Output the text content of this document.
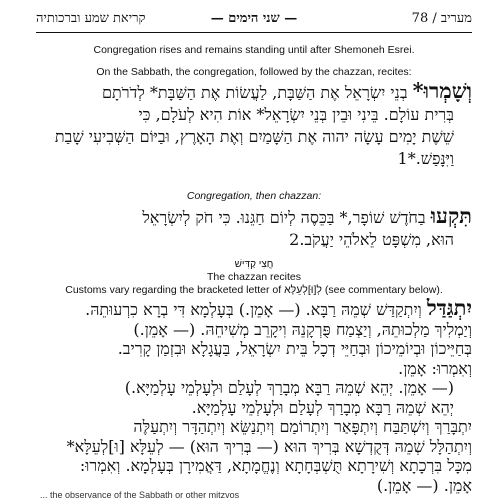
78 / מעריב
— שני הימים —
קריאת שמע וברכותיה
Congregation rises and remains standing until after Shemoneh Esrei.
On the Sabbath, the congregation, followed by the chazzan, recites:
וְשָׁמְרוּ* בְנֵי יִשְׂרָאֵל אֶת הַשַּׁבָּת, לַעֲשׂוֹת אֶת הַשַּׁבָּת* לְדֹרֹתָם
בְּרִית עוֹלָם. בֵּינִי וּבֵין בְּנֵי יִשְׂרָאֵל* אוֹת הִיא לְעֹלָם, כִּי
שֵׁשֶׁת יָמִים עָשָׂה יהוה אֶת הַשָּׁמַיִם וְאֶת הָאָרֶץ, וּבַיּוֹם הַשְּׁבִיעִי שָׁבַת
וַיִּנָּפַשׁ.*1
Congregation, then chazzan:
תִּקְעוּ בַחֹדֶשׁ שׁוֹפָר,* בַּכֵּסֶה לְיוֹם חַגֵּנוּ. כִּי חֹק לְיִשְׂרָאֵל
הוּא, מִשְׁפָּט לֵאלֹהֵי יַעֲקֹב.2
חֲצִי קַדִּישׁ
The chazzan recites
Customs vary regarding the bracketed letter of לְ[וּ]לְעֵלָּא (see commentary below).
יִתְגַּדַּל וְיִתְקַדַּשׁ שְׁמֵהּ רַבָּא. (— אָמֵן.) בְּעָלְמָא דִּי בְרָא כִרְעוּתֵהּ.
וְיַמְלִיךְ מַלְכוּתֵהּ, וְיַצְמַח פֻּרְקָנֵהּ וִיקָרֵב מְשִׁיחֵהּ. (— אָמֵן.)
בְּחַיֵּיכוֹן וּבְיוֹמֵיכוֹן וּבְחַיֵּי דְכָל בֵּית יִשְׂרָאֵל, בַּעֲגָלָא וּבִזְמַן קָרִיב.
וְאִמְרוּ: אָמֵן.
(— אָמֵן. יְהֵא שְׁמֵהּ רַבָּא מְבָרַךְ לְעָלַם וּלְעָלְמֵי עָלְמַיָּא.)
יְהֵא שְׁמֵהּ רַבָּא מְבָרַךְ לְעָלַם וּלְעָלְמֵי עָלְמַיָּא.
יִתְבָּרַךְ וְיִשְׁתַּבַּח וְיִתְפָּאַר וְיִתְרוֹמַם וְיִתְנַשֵּׂא וְיִתְהַדָּר וְיִתְעַלֶּה
וְיִתְהַלָּל שְׁמֵהּ דְּקֻדְשָׁא בְּרִיךְ הוּא (— בְּרִיךְ הוּא) — לְעֵלָּא [וּ]לְעֵלָּא*
מִכָּל בִּרְכָתָא וְשִׁירָתָא תֻּשְׁבְּחָתָא וְנֶחֱמָתָא, דַּאֲמִירָן בְּעָלְמָא. וְאִמְרוּ:
אָמֵן. (— אָמֵן.)
... the observance of the Sabbath or other mitzvos
